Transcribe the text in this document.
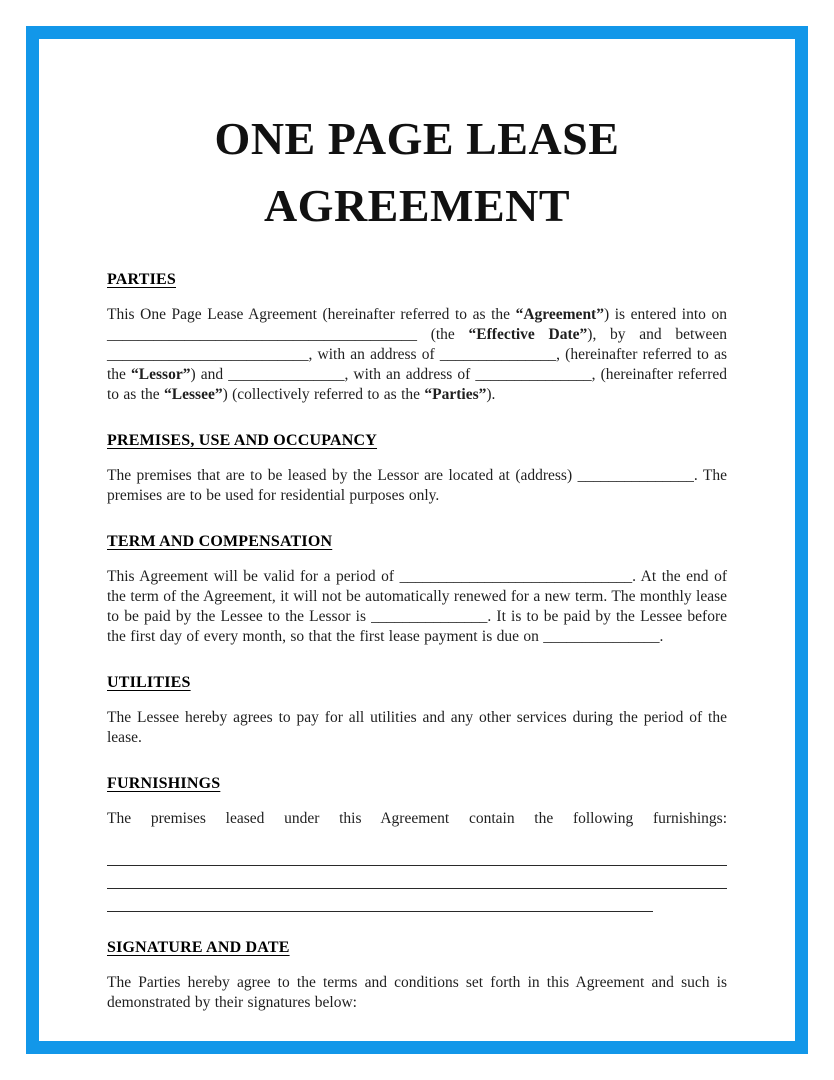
ONE PAGE LEASE
AGREEMENT
PARTIES

This One Page Lease Agreement (hereinafter referred to as the “Agreement”) is entered into on ________________________________________ (the “Effective Date”), by and between __________________________, with an address of _______________, (hereinafter referred to as the “Lessor”) and _______________, with an address of _______________, (hereinafter referred to as the “Lessee”) (collectively referred to as the “Parties”).

PREMISES, USE AND OCCUPANCY

The premises that are to be leased by the Lessor are located at (address) _______________. The premises are to be used for residential purposes only.

TERM AND COMPENSATION

This Agreement will be valid for a period of ______________________________. At the end of the term of the Agreement, it will not be automatically renewed for a new term. The monthly lease to be paid by the Lessee to the Lessor is _______________. It is to be paid by the Lessee before the first day of every month, so that the first lease payment is due on _______________.

UTILITIES

The Lessee hereby agrees to pay for all utilities and any other services during the period of the lease.

FURNISHINGS

The premises leased under this Agreement contain the following furnishings:

SIGNATURE AND DATE

The Parties hereby agree to the terms and conditions set forth in this Agreement and such is demonstrated by their signatures below:
